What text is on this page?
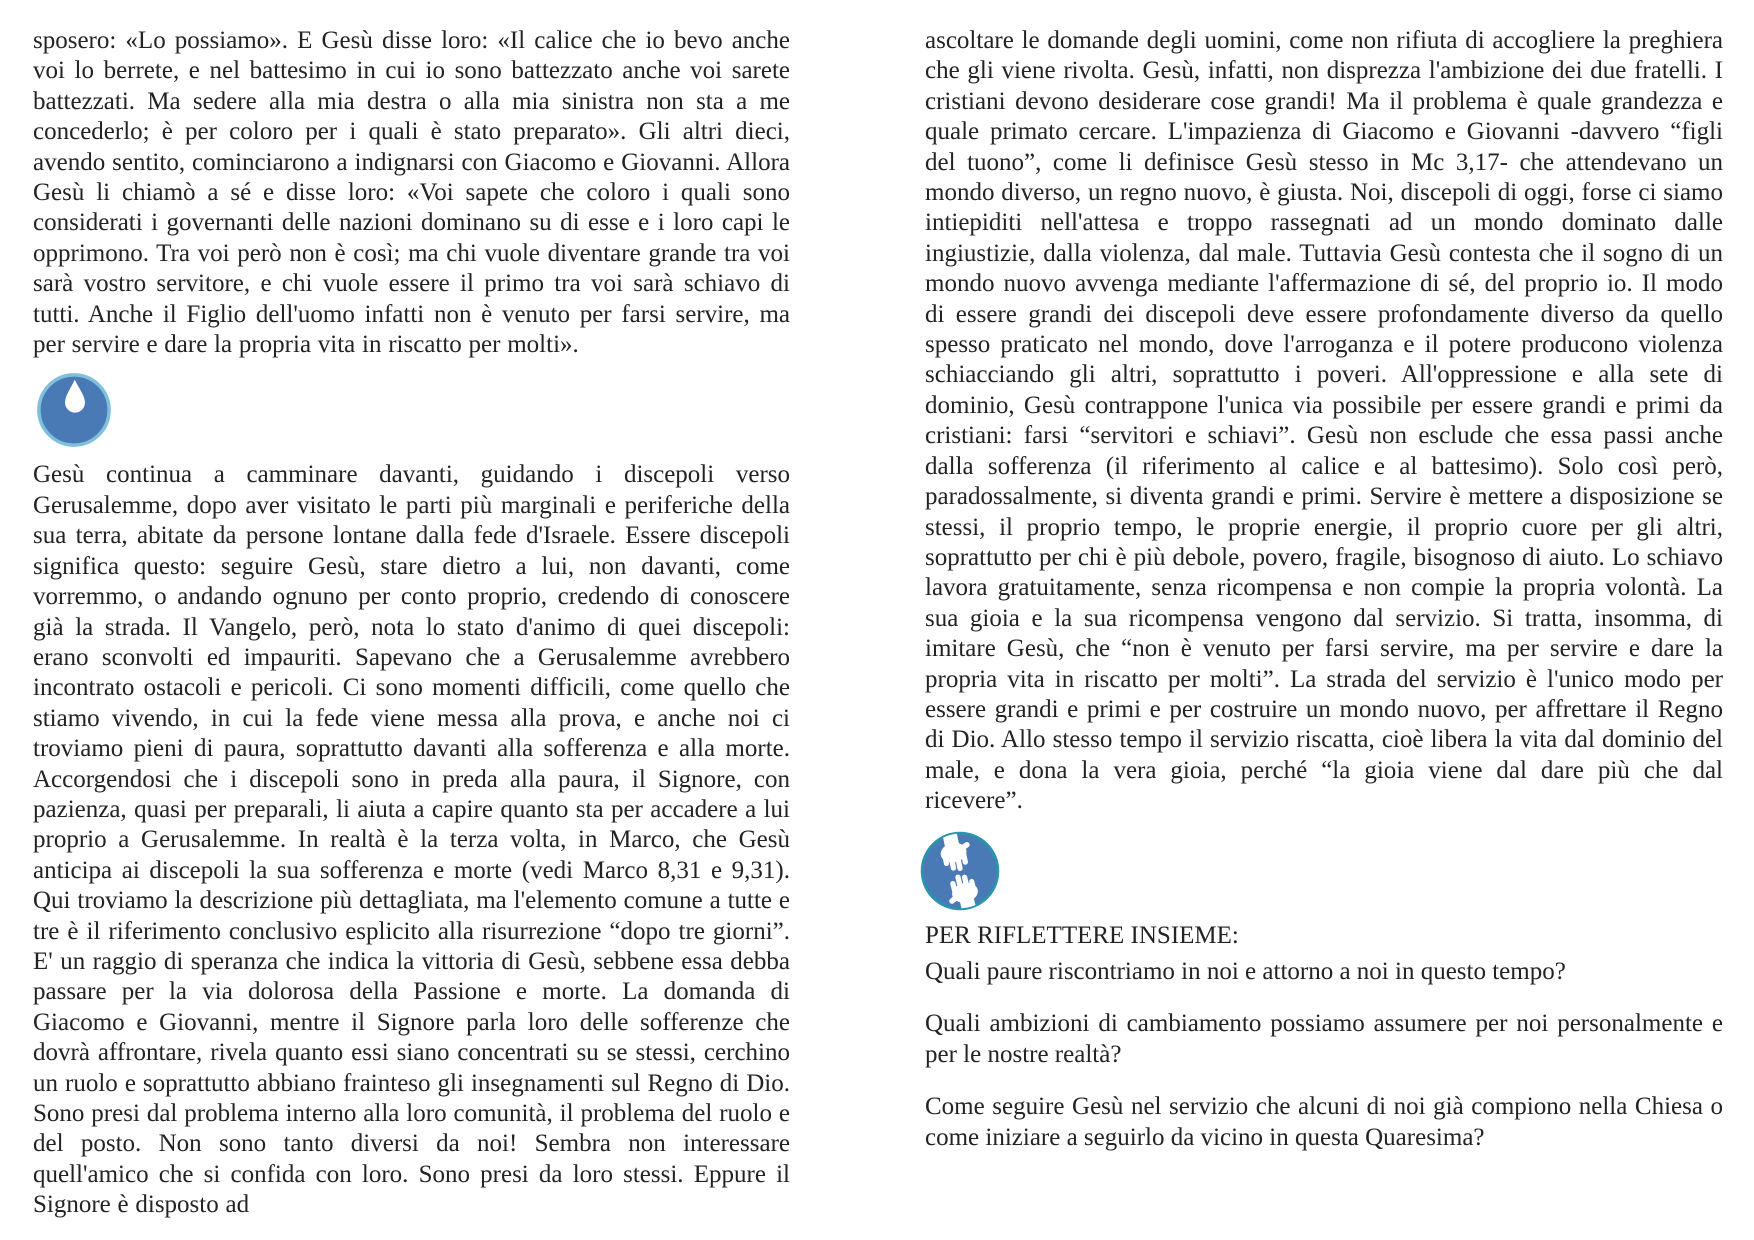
sposero: «Lo possiamo». E Gesù disse loro: «Il calice che io bevo anche voi lo berrete, e nel battesimo in cui io sono battezzato anche voi sarete battezzati. Ma sedere alla mia destra o alla mia sinistra non sta a me concederlo; è per coloro per i quali è stato preparato». Gli altri dieci, avendo sentito, cominciarono a indignarsi con Giacomo e Giovanni. Allora Gesù li chiamò a sé e disse loro: «Voi sapete che coloro i quali sono considerati i governanti delle nazioni dominano su di esse e i loro capi le opprimono. Tra voi però non è così; ma chi vuole diventare grande tra voi sarà vostro servitore, e chi vuole essere il primo tra voi sarà schiavo di tutti. Anche il Figlio dell'uomo infatti non è venuto per farsi servire, ma per servire e dare la propria vita in riscatto per molti».

Gesù continua a camminare davanti, guidando i discepoli verso Gerusalemme, dopo aver visitato le parti più marginali e periferiche della sua terra, abitate da persone lontane dalla fede d'Israele. Essere discepoli significa questo: seguire Gesù, stare dietro a lui, non davanti, come vorremmo, o andando ognuno per conto proprio, credendo di conoscere già la strada. Il Vangelo, però, nota lo stato d'animo di quei discepoli: erano sconvolti ed impauriti. Sapevano che a Gerusalemme avrebbero incontrato ostacoli e pericoli. Ci sono momenti difficili, come quello che stiamo vivendo, in cui la fede viene messa alla prova, e anche noi ci troviamo pieni di paura, soprattutto davanti alla sofferenza e alla morte. Accorgendosi che i discepoli sono in preda alla paura, il Signore, con pazienza, quasi per preparali, li aiuta a capire quanto sta per accadere a lui proprio a Gerusalemme. In realtà è la terza volta, in Marco, che Gesù anticipa ai discepoli la sua sofferenza e morte (vedi Marco 8,31 e 9,31). Qui troviamo la descrizione più dettagliata, ma l'elemento comune a tutte e tre è il riferimento conclusivo esplicito alla risurrezione “dopo tre giorni”. E' un raggio di speranza che indica la vittoria di Gesù, sebbene essa debba passare per la via dolorosa della Passione e morte. La domanda di Giacomo e Giovanni, mentre il Signore parla loro delle sofferenze che dovrà affrontare, rivela quanto essi siano concentrati su se stessi, cerchino un ruolo e soprattutto abbiano frainteso gli insegnamenti sul Regno di Dio. Sono presi dal problema interno alla loro comunità, il problema del ruolo e del posto. Non sono tanto diversi da noi! Sembra non interessare quell'amico che si confida con loro. Sono presi da loro stessi. Eppure il Signore è disposto ad

ascoltare le domande degli uomini, come non rifiuta di accogliere la preghiera che gli viene rivolta. Gesù, infatti, non disprezza l'ambizione dei due fratelli. I cristiani devono desiderare cose grandi! Ma il problema è quale grandezza e quale primato cercare. L'impazienza di Giacomo e Giovanni -davvero “figli del tuono”, come li definisce Gesù stesso in Mc 3,17- che attendevano un mondo diverso, un regno nuovo, è giusta. Noi, discepoli di oggi, forse ci siamo intiepiditi nell'attesa e troppo rassegnati ad un mondo dominato dalle ingiustizie, dalla violenza, dal male. Tuttavia Gesù contesta che il sogno di un mondo nuovo avvenga mediante l'affermazione di sé, del proprio io. Il modo di essere grandi dei discepoli deve essere profondamente diverso da quello spesso praticato nel mondo, dove l'arroganza e il potere producono violenza schiacciando gli altri, soprattutto i poveri. All'oppressione e alla sete di dominio, Gesù contrappone l'unica via possibile per essere grandi e primi da cristiani: farsi “servitori e schiavi”. Gesù non esclude che essa passi anche dalla sofferenza (il riferimento al calice e al battesimo). Solo così però, paradossalmente, si diventa grandi e primi. Servire è mettere a disposizione se stessi, il proprio tempo, le proprie energie, il proprio cuore per gli altri, soprattutto per chi è più debole, povero, fragile, bisognoso di aiuto. Lo schiavo lavora gratuitamente, senza ricompensa e non compie la propria volontà. La sua gioia e la sua ricompensa vengono dal servizio. Si tratta, insomma, di imitare Gesù, che “non è venuto per farsi servire, ma per servire e dare la propria vita in riscatto per molti”. La strada del servizio è l'unico modo per essere grandi e primi e per costruire un mondo nuovo, per affrettare il Regno di Dio. Allo stesso tempo il servizio riscatta, cioè libera la vita dal dominio del male, e dona la vera gioia, perché “la gioia viene dal dare più che dal ricevere”.

PER RIFLETTERE INSIEME:

Quali paure riscontriamo in noi e attorno a noi in questo tempo?

Quali ambizioni di cambiamento possiamo assumere per noi personalmente e per le nostre realtà?

Come seguire Gesù nel servizio che alcuni di noi già compiono nella Chiesa o come iniziare a seguirlo da vicino in questa Quaresima?
